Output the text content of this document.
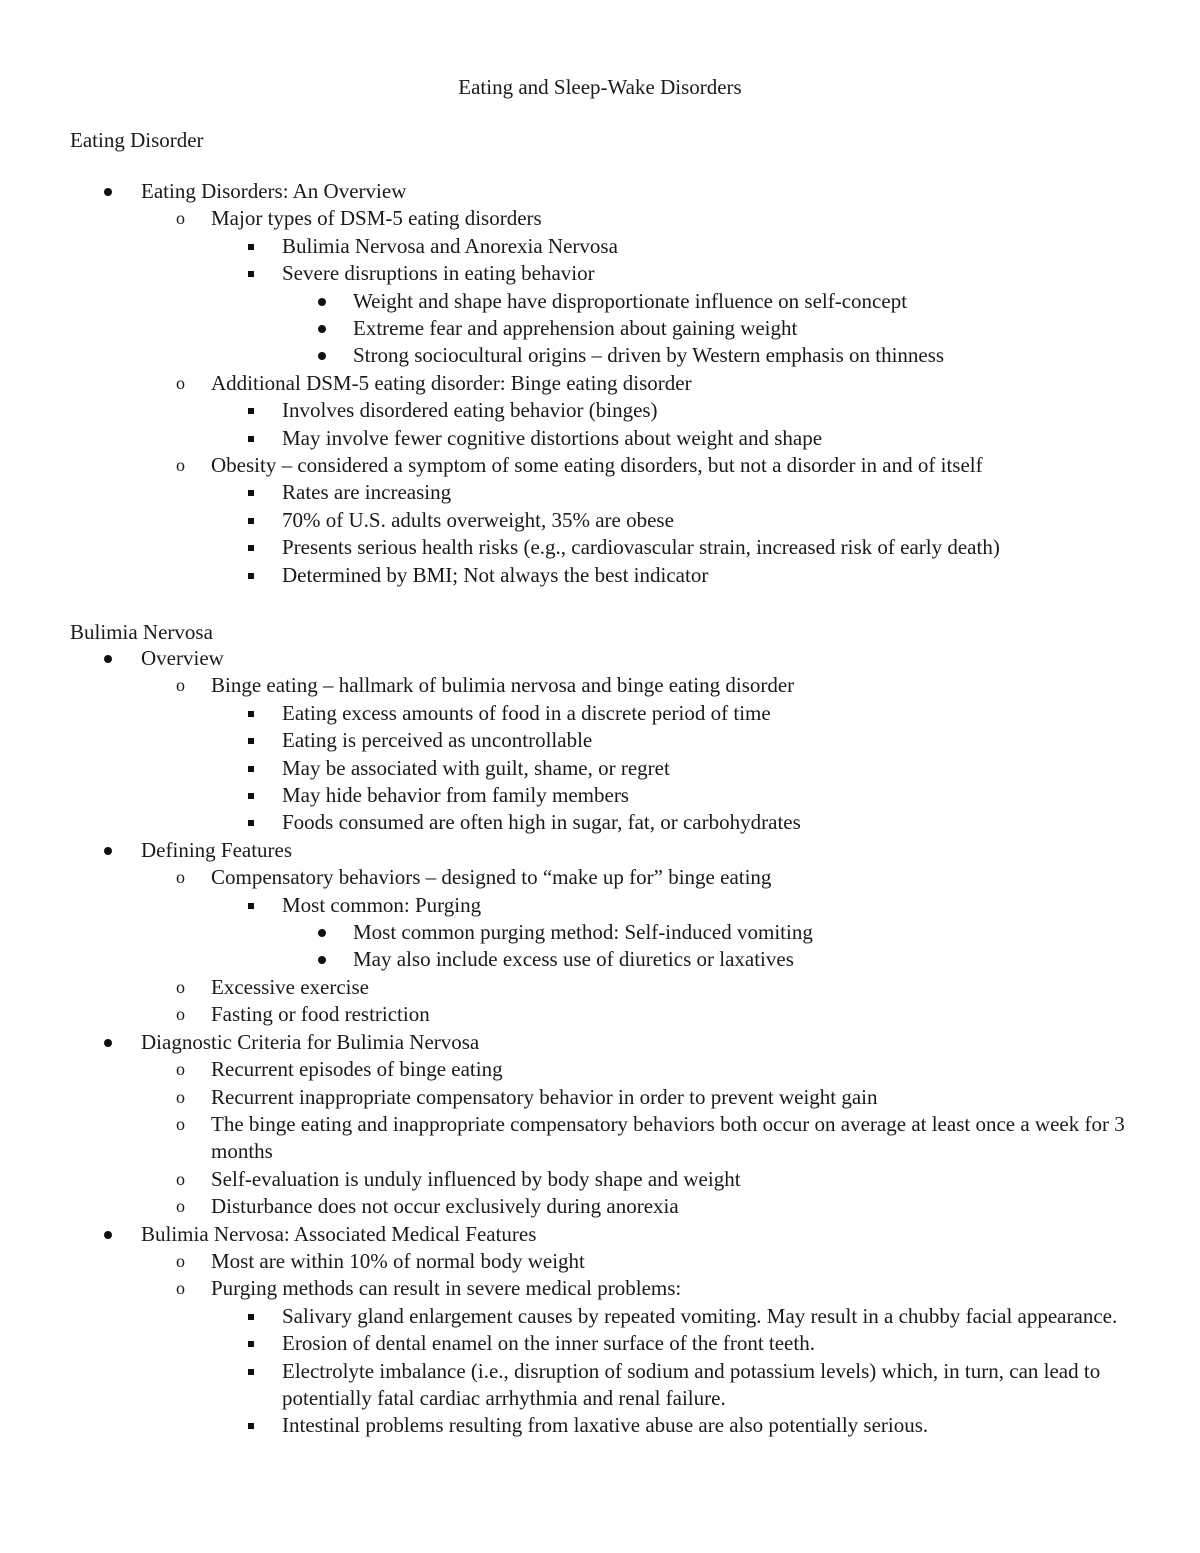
Eating and Sleep-Wake Disorders
Eating Disorder
Eating Disorders: An Overview
o Major types of DSM-5 eating disorders
Bulimia Nervosa and Anorexia Nervosa
Severe disruptions in eating behavior
Weight and shape have disproportionate influence on self-concept
Extreme fear and apprehension about gaining weight
Strong sociocultural origins – driven by Western emphasis on thinness
o Additional DSM-5 eating disorder: Binge eating disorder
Involves disordered eating behavior (binges)
May involve fewer cognitive distortions about weight and shape
o Obesity – considered a symptom of some eating disorders, but not a disorder in and of itself
Rates are increasing
70% of U.S. adults overweight, 35% are obese
Presents serious health risks (e.g., cardiovascular strain, increased risk of early death)
Determined by BMI; Not always the best indicator
Bulimia Nervosa
Overview
o Binge eating – hallmark of bulimia nervosa and binge eating disorder
Eating excess amounts of food in a discrete period of time
Eating is perceived as uncontrollable
May be associated with guilt, shame, or regret
May hide behavior from family members
Foods consumed are often high in sugar, fat, or carbohydrates
Defining Features
o Compensatory behaviors – designed to “make up for” binge eating
Most common: Purging
Most common purging method: Self-induced vomiting
May also include excess use of diuretics or laxatives
o Excessive exercise
o Fasting or food restriction
Diagnostic Criteria for Bulimia Nervosa
o Recurrent episodes of binge eating
o Recurrent inappropriate compensatory behavior in order to prevent weight gain
o The binge eating and inappropriate compensatory behaviors both occur on average at least once a week for 3 months
o Self-evaluation is unduly influenced by body shape and weight
o Disturbance does not occur exclusively during anorexia
Bulimia Nervosa: Associated Medical Features
o Most are within 10% of normal body weight
o Purging methods can result in severe medical problems:
Salivary gland enlargement causes by repeated vomiting. May result in a chubby facial appearance.
Erosion of dental enamel on the inner surface of the front teeth.
Electrolyte imbalance (i.e., disruption of sodium and potassium levels) which, in turn, can lead to potentially fatal cardiac arrhythmia and renal failure.
Intestinal problems resulting from laxative abuse are also potentially serious.
